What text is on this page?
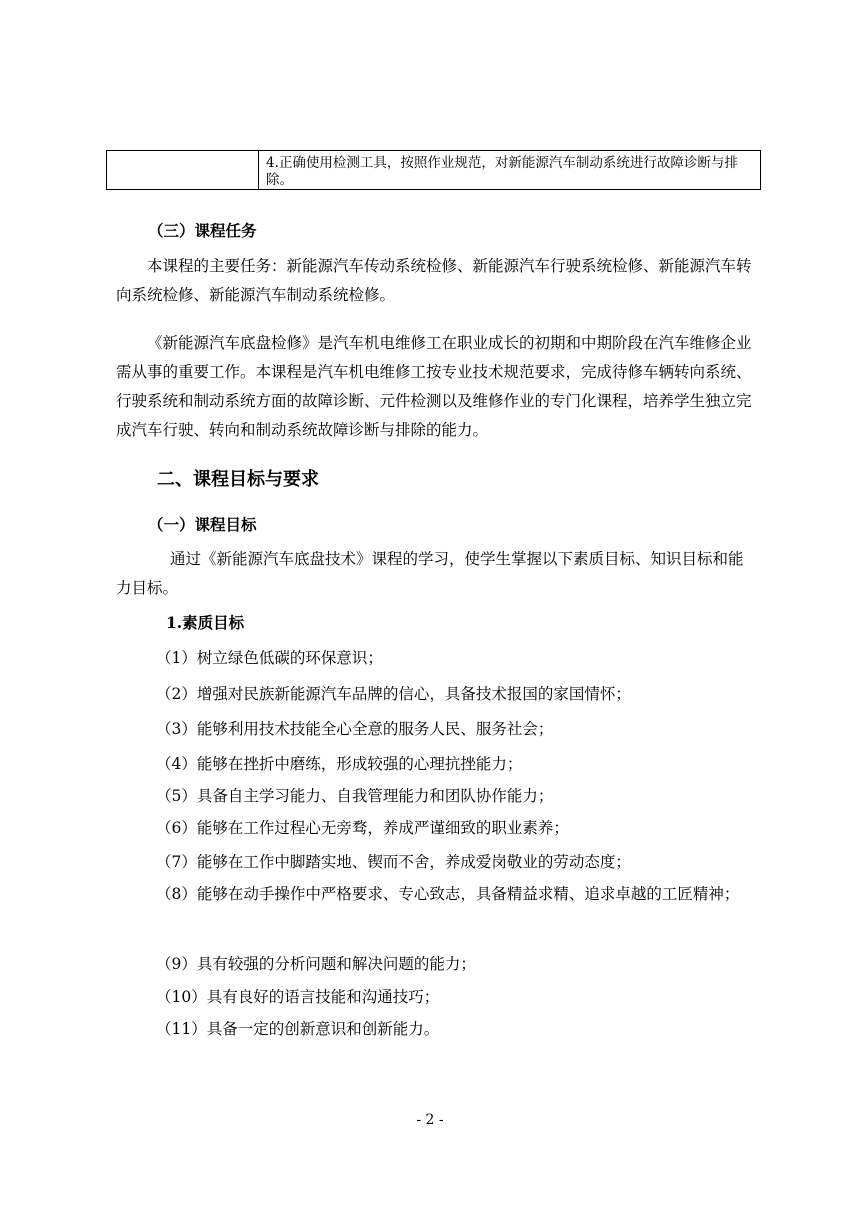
4.正确使用检测工具，按照作业规范，对新能源汽车制动系统进行故障诊断与排除。
（三）课程任务
本课程的主要任务：新能源汽车传动系统检修、新能源汽车行驶系统检修、新能源汽车转向系统检修、新能源汽车制动系统检修。
《新能源汽车底盘检修》是汽车机电维修工在职业成长的初期和中期阶段在汽车维修企业需从事的重要工作。本课程是汽车机电维修工按专业技术规范要求，完成待修车辆转向系统、行驶系统和制动系统方面的故障诊断、元件检测以及维修作业的专门化课程，培养学生独立完成汽车行驶、转向和制动系统故障诊断与排除的能力。
二、课程目标与要求
（一）课程目标
通过《新能源汽车底盘技术》课程的学习，使学生掌握以下素质目标、知识目标和能力目标。
1.素质目标
（1）树立绿色低碳的环保意识；
（2）增强对民族新能源汽车品牌的信心，具备技术报国的家国情怀；
（3）能够利用技术技能全心全意的服务人民、服务社会；
（4）能够在挫折中磨练，形成较强的心理抗挫能力；
（5）具备自主学习能力、自我管理能力和团队协作能力；
（6）能够在工作过程心无旁骛，养成严谨细致的职业素养；
（7）能够在工作中脚踏实地、锲而不舍，养成爱岗敬业的劳动态度；
（8）能够在动手操作中严格要求、专心致志，具备精益求精、追求卓越的工匠精神；
（9）具有较强的分析问题和解决问题的能力；
（10）具有良好的语言技能和沟通技巧；
（11）具备一定的创新意识和创新能力。
- 2 -
